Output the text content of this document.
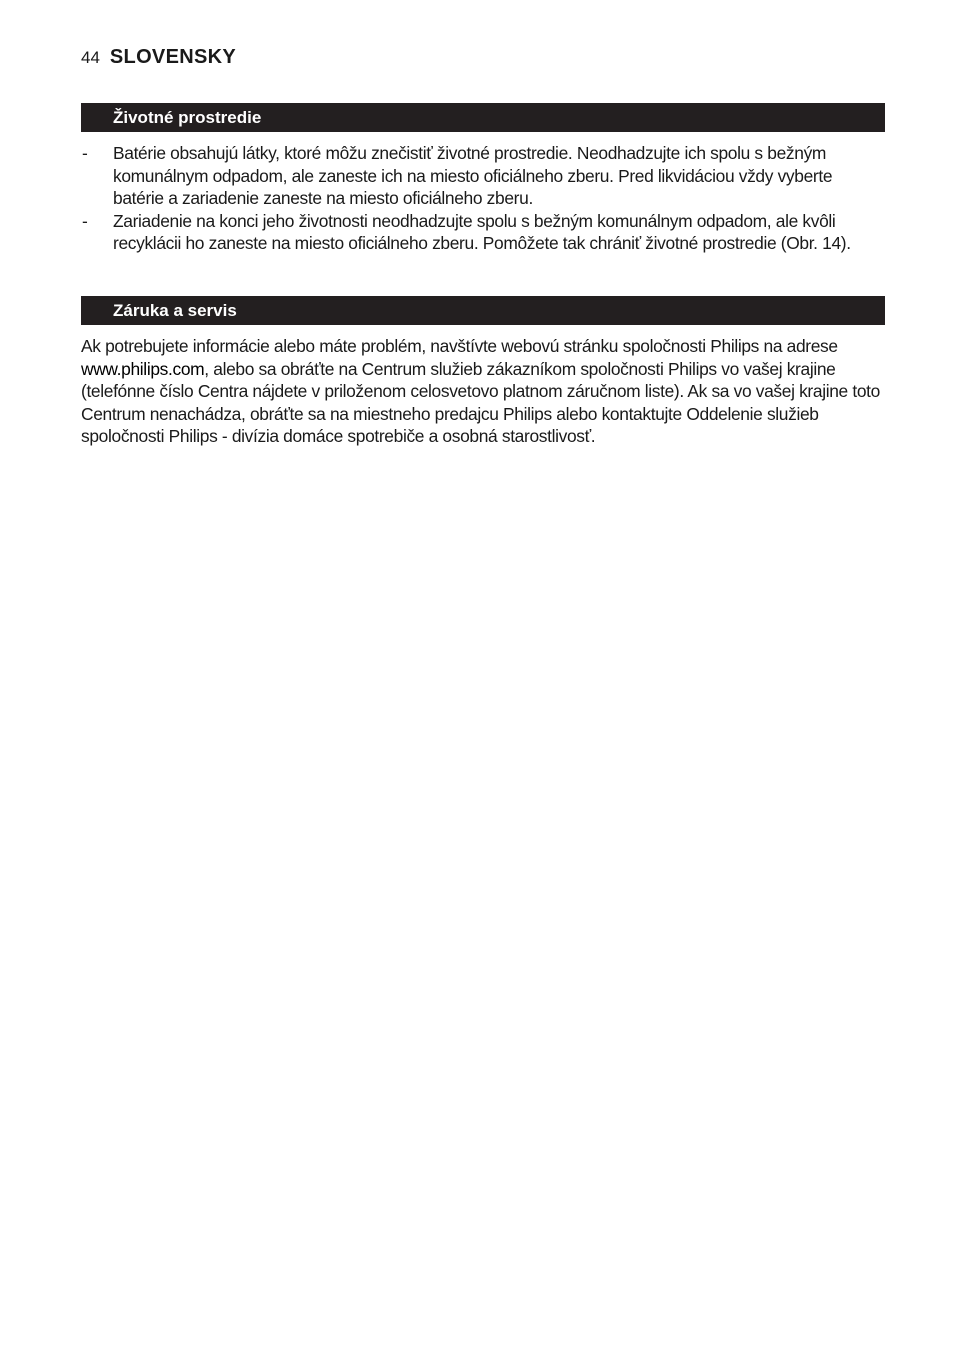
44 SLOVENSKY
Životné prostredie
- Batérie obsahujú látky, ktoré môžu znečistiť životné prostredie. Neodhadzujte ich spolu s bežným komunálnym odpadom, ale zaneste ich na miesto oficiálneho zberu. Pred likvidáciou vždy vyberte batérie a zariadenie zaneste na miesto oficiálneho zberu.
- Zariadenie na konci jeho životnosti neodhadzujte spolu s bežným komunálnym odpadom, ale kvôli recyklácii ho zaneste na miesto oficiálneho zberu. Pomôžete tak chrániť životné prostredie (Obr. 14).
Záruka a servis

Ak potrebujete informácie alebo máte problém, navštívte webovú stránku spoločnosti Philips na adrese www.philips.com, alebo sa obráťte na Centrum služieb zákazníkom spoločnosti Philips vo vašej krajine (telefónne číslo Centra nájdete v priloženom celosvetovo platnom záručnom liste). Ak sa vo vašej krajine toto Centrum nenachádza, obráťte sa na miestneho predajcu Philips alebo kontaktujte Oddelenie služieb spoločnosti Philips - divízia domáce spotrebiče a osobná starostlivosť.
